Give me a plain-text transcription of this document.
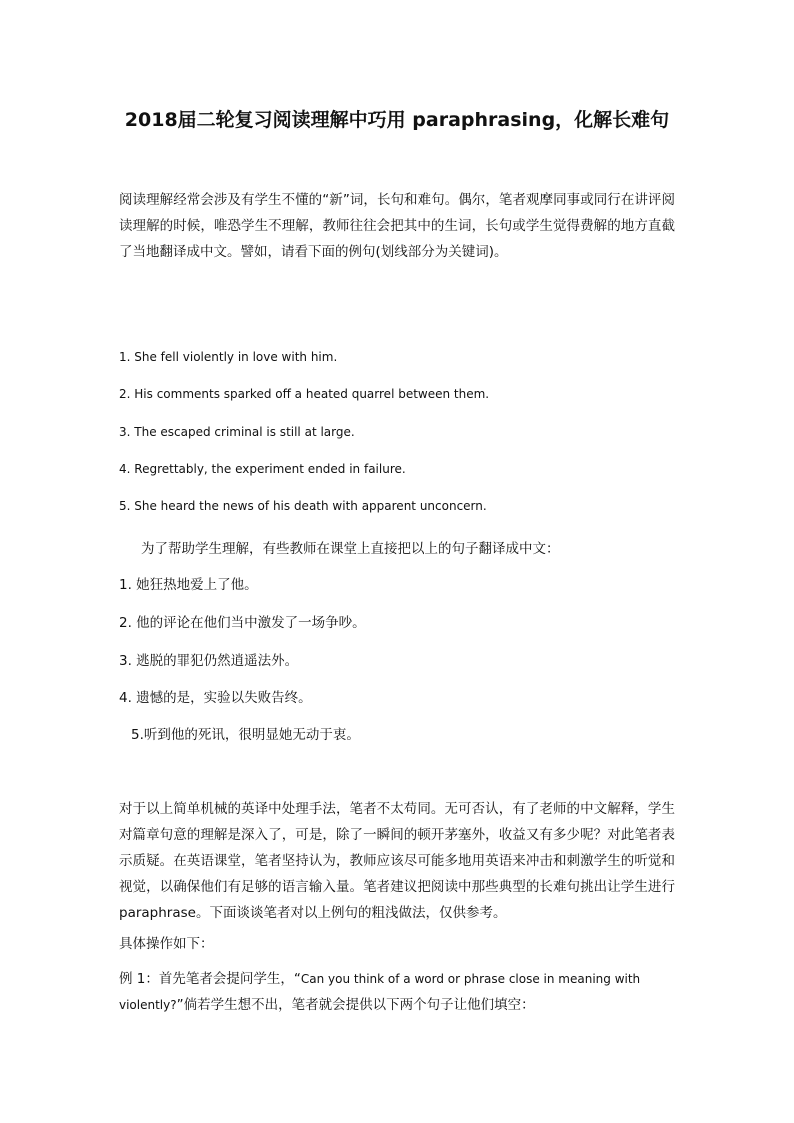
2018届二轮复习阅读理解中巧用 paraphrasing，化解长难句
阅读理解经常会涉及有学生不懂的“新”词，长句和难句。偶尔，笔者观摩同事或同行在讲评阅读理解的时候，唯恐学生不理解，教师往往会把其中的生词，长句或学生觉得费解的地方直截了当地翻译成中文。譬如，请看下面的例句(划线部分为关键词)。
1. She fell violently in love with him.
2. His comments sparked off a heated quarrel between them.
3. The escaped criminal is still at large.
4. Regrettably, the experiment ended in failure.
5. She heard the news of his death with apparent unconcern.
为了帮助学生理解，有些教师在课堂上直接把以上的句子翻译成中文：
1. 她狂热地爱上了他。
2. 他的评论在他们当中激发了一场争吵。
3. 逃脱的罪犯仍然逍遥法外。
4. 遗憾的是，实验以失败告终。
5.听到他的死讯，很明显她无动于衷。
对于以上简单机械的英译中处理手法，笔者不太苟同。无可否认，有了老师的中文解释，学生对篇章句意的理解是深入了，可是，除了一瞬间的顿开茅塞外，收益又有多少呢？对此笔者表示质疑。在英语课堂，笔者坚持认为，教师应该尽可能多地用英语来冲击和刺激学生的听觉和视觉，以确保他们有足够的语言输入量。笔者建议把阅读中那些典型的长难句挑出让学生进行 paraphrase。下面谈谈笔者对以上例句的粗浅做法，仅供参考。
具体操作如下：
例 1：首先笔者会提问学生，“Can you think of a word or phrase close in meaning with violently?”倘若学生想不出，笔者就会提供以下两个句子让他们填空：
